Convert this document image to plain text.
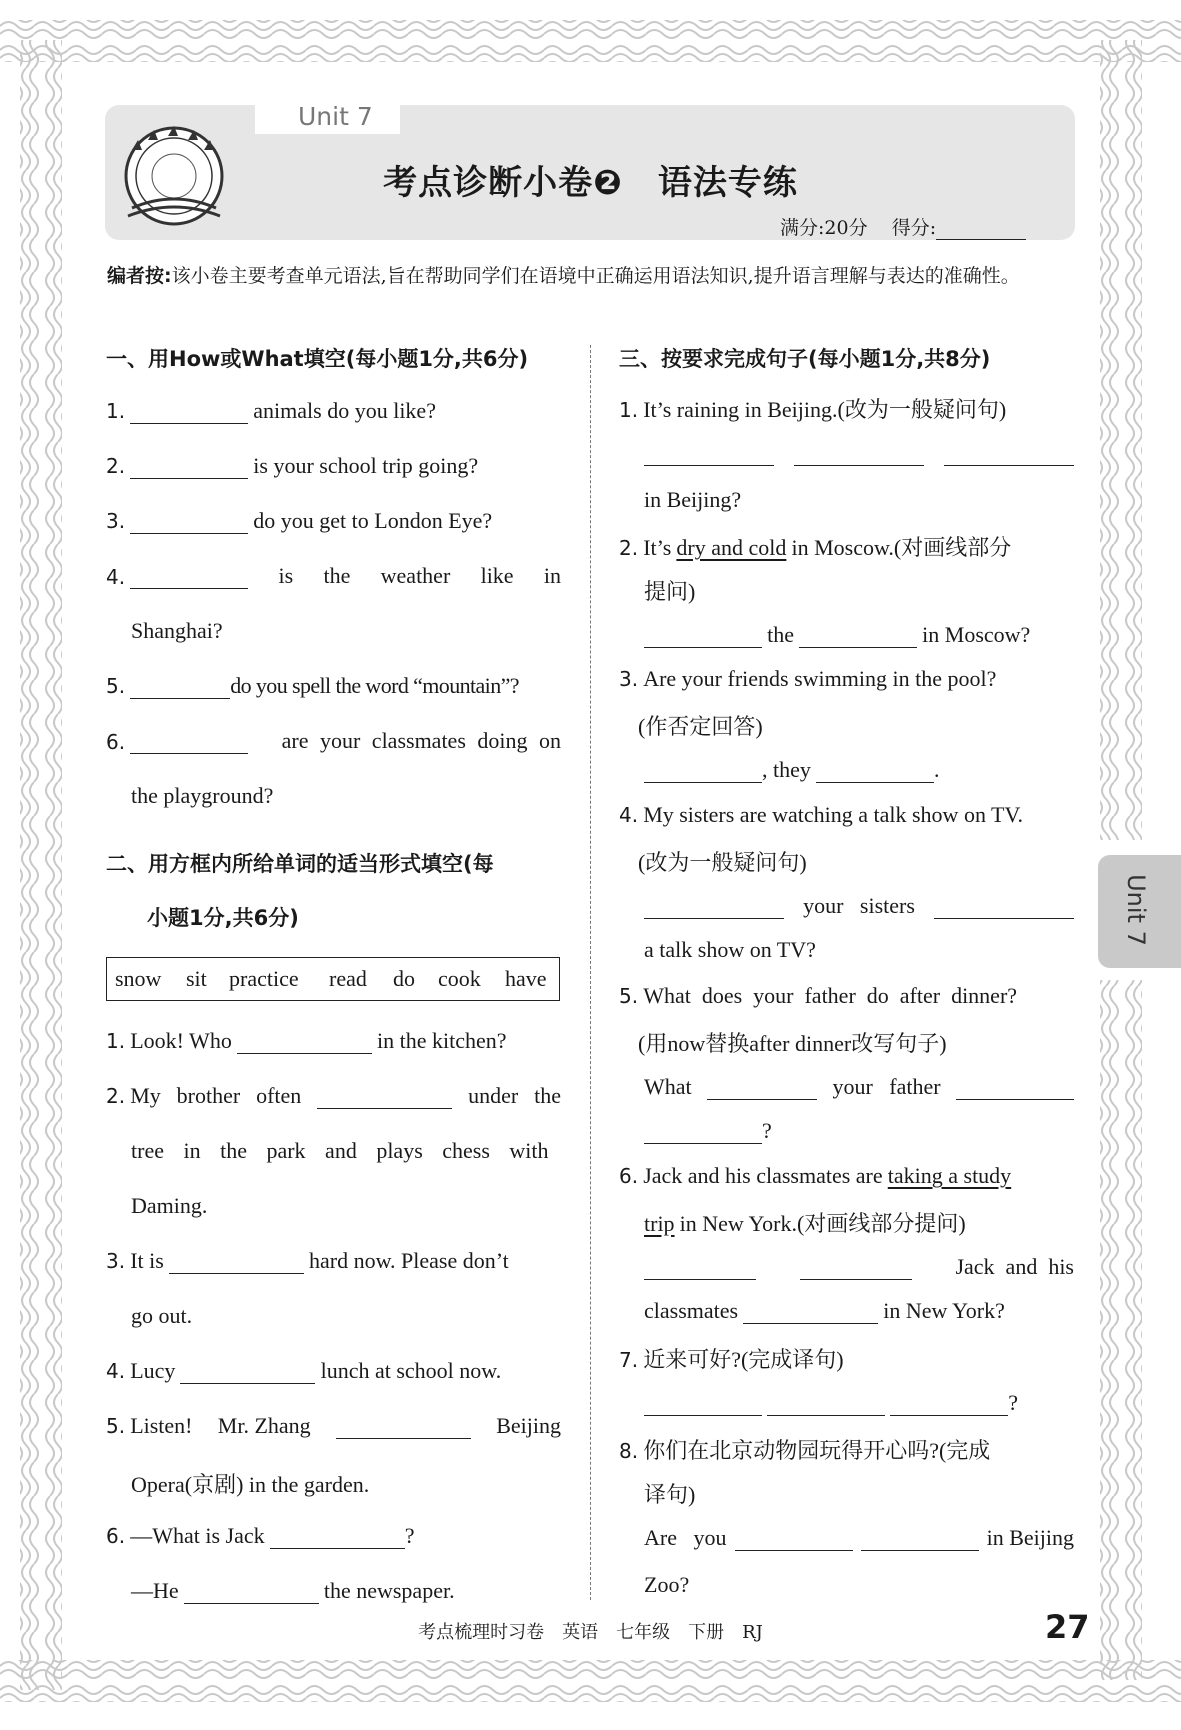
Unit 7
考点诊断小卷❷　语法专练
满分:20分 得分:
编者按:该小卷主要考查单元语法,旨在帮助同学们在语境中正确运用语法知识,提升语言理解与表达的准确性。
一、用How或What填空(每小题1分,共6分)
1.	animals do you like?
2.	is your school trip going?
3.	do you get to London Eye?
4.	is the weather like in
Shanghai?
5.	do you spell the word “mountain”?
6.	are your classmates doing on
the playground?
二、用方框内所给单词的适当形式填空(每
小题1分,共6分)
snow sit practice read do cook have
1. Look! Who	in the kitchen?
2. My brother often	under the
tree   in   the   park   and   plays   chess   with
Daming.
3. It is	hard now. Please don’t
go out.
4. Lucy	lunch at school now.
5. Listen! Mr. Zhang	Beijing
Opera(京剧) in the garden.
6. —What is Jack	?
—He	the newspaper.
三、按要求完成句子(每小题1分,共8分)
1. It’s raining in Beijing.(改为一般疑问句)
in Beijing?
2. It’s dry and cold in Moscow.(对画线部分
提问)
the	in Moscow?
3. Are your friends swimming in the pool?
(作否定回答)
, they	.
4. My sisters are watching a talk show on TV.
(改为一般疑问句)
your   sisters
a talk show on TV?
5. What  does  your  father  do  after  dinner?
(用now替换after dinner改写句子)
What	your   father
?
6. Jack and his classmates are taking a study
trip in New York.(对画线部分提问)
Jack  and  his
classmates	in New York?
7. 近来可好?(完成译句)
?
8. 你们在北京动物园玩得开心吗?(完成
译句)
Are   you	in Beijing
Zoo?
Unit 7
考点梳理时习卷　英语　七年级　下册　RJ	27
